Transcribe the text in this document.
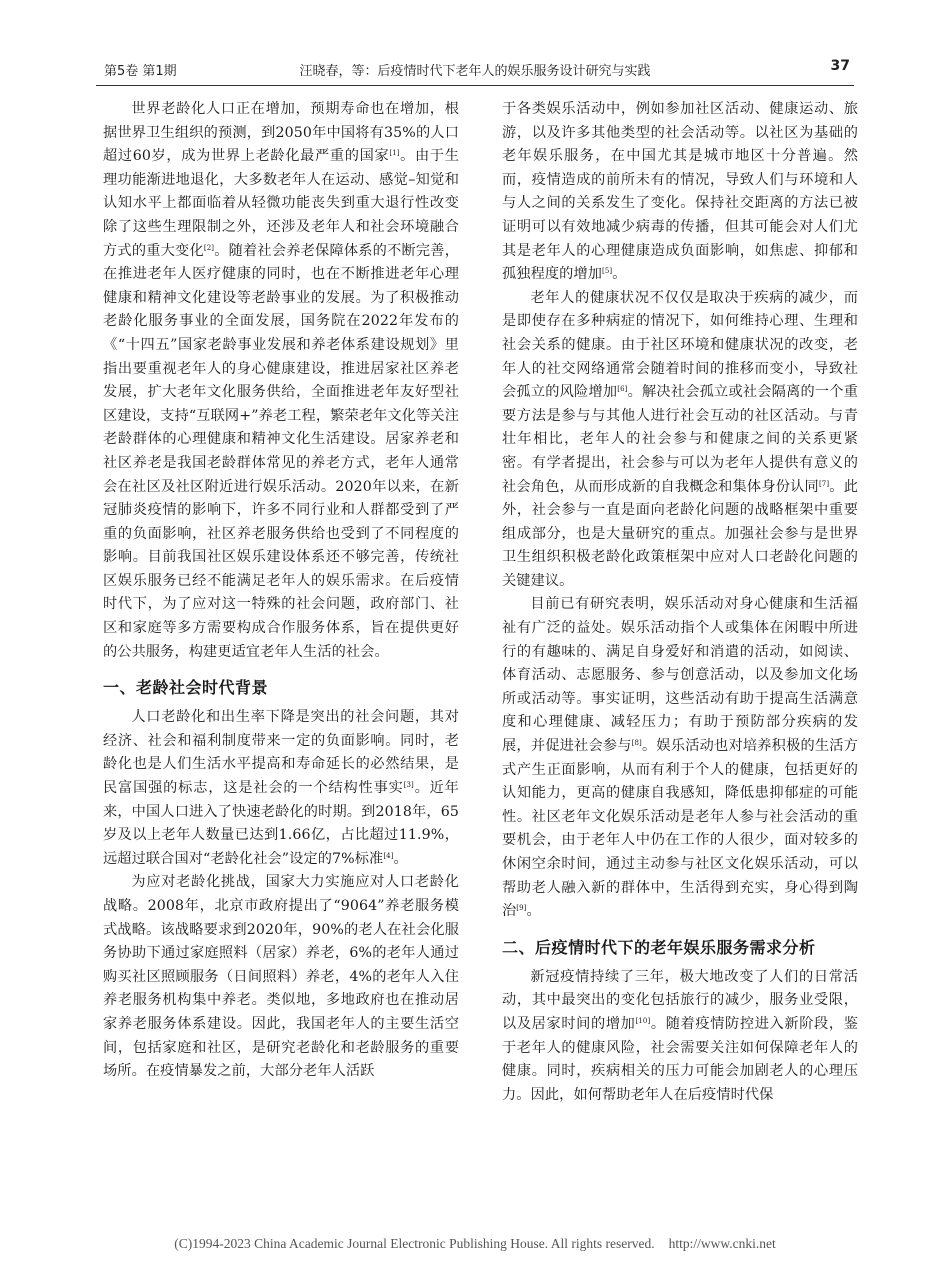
第5卷 第1期	汪晓春，等：后疫情时代下老年人的娱乐服务设计研究与实践	37

世界老龄化人口正在增加，预期寿命也在增加，根据世界卫生组织的预测，到2050年中国将有35%的人口超过60岁，成为世界上老龄化最严重的国家[1]。由于生理功能渐进地退化，大多数老年人在运动、感觉–知觉和认知水平上都面临着从轻微功能丧失到重大退行性改变除了这些生理限制之外，还涉及老年人和社会环境融合方式的重大变化[2]。随着社会养老保障体系的不断完善，在推进老年人医疗健康的同时，也在不断推进老年心理健康和精神文化建设等老龄事业的发展。为了积极推动老龄化服务事业的全面发展，国务院在2022年发布的《“十四五”国家老龄事业发展和养老体系建设规划》里指出要重视老年人的身心健康建设，推进居家社区养老发展，扩大老年文化服务供给，全面推进老年友好型社区建设，支持“互联网+”养老工程，繁荣老年文化等关注老龄群体的心理健康和精神文化生活建设。居家养老和社区养老是我国老龄群体常见的养老方式，老年人通常会在社区及社区附近进行娱乐活动。2020年以来，在新冠肺炎疫情的影响下，许多不同行业和人群都受到了严重的负面影响，社区养老服务供给也受到了不同程度的影响。目前我国社区娱乐建设体系还不够完善，传统社区娱乐服务已经不能满足老年人的娱乐需求。在后疫情时代下，为了应对这一特殊的社会问题，政府部门、社区和家庭等多方需要构成合作服务体系，旨在提供更好的公共服务，构建更适宜老年人生活的社会。

一、老龄社会时代背景

人口老龄化和出生率下降是突出的社会问题，其对经济、社会和福利制度带来一定的负面影响。同时，老龄化也是人们生活水平提高和寿命延长的必然结果，是民富国强的标志，这是社会的一个结构性事实[3]。近年来，中国人口进入了快速老龄化的时期。到2018年，65岁及以上老年人数量已达到1.66亿，占比超过11.9%，远超过联合国对“老龄化社会”设定的7%标准[4]。

为应对老龄化挑战，国家大力实施应对人口老龄化战略。2008年，北京市政府提出了“9064”养老服务模式战略。该战略要求到2020年，90%的老人在社会化服务协助下通过家庭照料（居家）养老，6%的老年人通过购买社区照顾服务（日间照料）养老，4%的老年人入住养老服务机构集中养老。类似地，多地政府也在推动居家养老服务体系建设。因此，我国老年人的主要生活空间，包括家庭和社区，是研究老龄化和老龄服务的重要场所。在疫情暴发之前，大部分老年人活跃

于各类娱乐活动中，例如参加社区活动、健康运动、旅游，以及许多其他类型的社会活动等。以社区为基础的老年娱乐服务，在中国尤其是城市地区十分普遍。然而，疫情造成的前所未有的情况，导致人们与环境和人与人之间的关系发生了变化。保持社交距离的方法已被证明可以有效地减少病毒的传播，但其可能会对人们尤其是老年人的心理健康造成负面影响，如焦虑、抑郁和孤独程度的增加[5]。

老年人的健康状况不仅仅是取决于疾病的减少，而是即使存在多种病症的情况下，如何维持心理、生理和社会关系的健康。由于社区环境和健康状况的改变，老年人的社交网络通常会随着时间的推移而变小，导致社会孤立的风险增加[6]。解决社会孤立或社会隔离的一个重要方法是参与与其他人进行社会互动的社区活动。与青壮年相比，老年人的社会参与和健康之间的关系更紧密。有学者提出，社会参与可以为老年人提供有意义的社会角色，从而形成新的自我概念和集体身份认同[7]。此外，社会参与一直是面向老龄化问题的战略框架中重要组成部分，也是大量研究的重点。加强社会参与是世界卫生组织积极老龄化政策框架中应对人口老龄化问题的关键建议。

目前已有研究表明，娱乐活动对身心健康和生活福祉有广泛的益处。娱乐活动指个人或集体在闲暇中所进行的有趣味的、满足自身爱好和消遣的活动，如阅读、体育活动、志愿服务、参与创意活动，以及参加文化场所或活动等。事实证明，这些活动有助于提高生活满意度和心理健康、减轻压力；有助于预防部分疾病的发展，并促进社会参与[8]。娱乐活动也对培养积极的生活方式产生正面影响，从而有利于个人的健康，包括更好的认知能力，更高的健康自我感知，降低患抑郁症的可能性。社区老年文化娱乐活动是老年人参与社会活动的重要机会，由于老年人中仍在工作的人很少，面对较多的休闲空余时间，通过主动参与社区文化娱乐活动，可以帮助老人融入新的群体中，生活得到充实，身心得到陶治[9]。

二、后疫情时代下的老年娱乐服务需求分析

新冠疫情持续了三年，极大地改变了人们的日常活动，其中最突出的变化包括旅行的减少，服务业受限，以及居家时间的增加[10]。随着疫情防控进入新阶段，鉴于老年人的健康风险，社会需要关注如何保障老年人的健康。同时，疾病相关的压力可能会加剧老人的心理压力。因此，如何帮助老年人在后疫情时代保

(C)1994-2023 China Academic Journal Electronic Publishing House. All rights reserved. http://www.cnki.net
